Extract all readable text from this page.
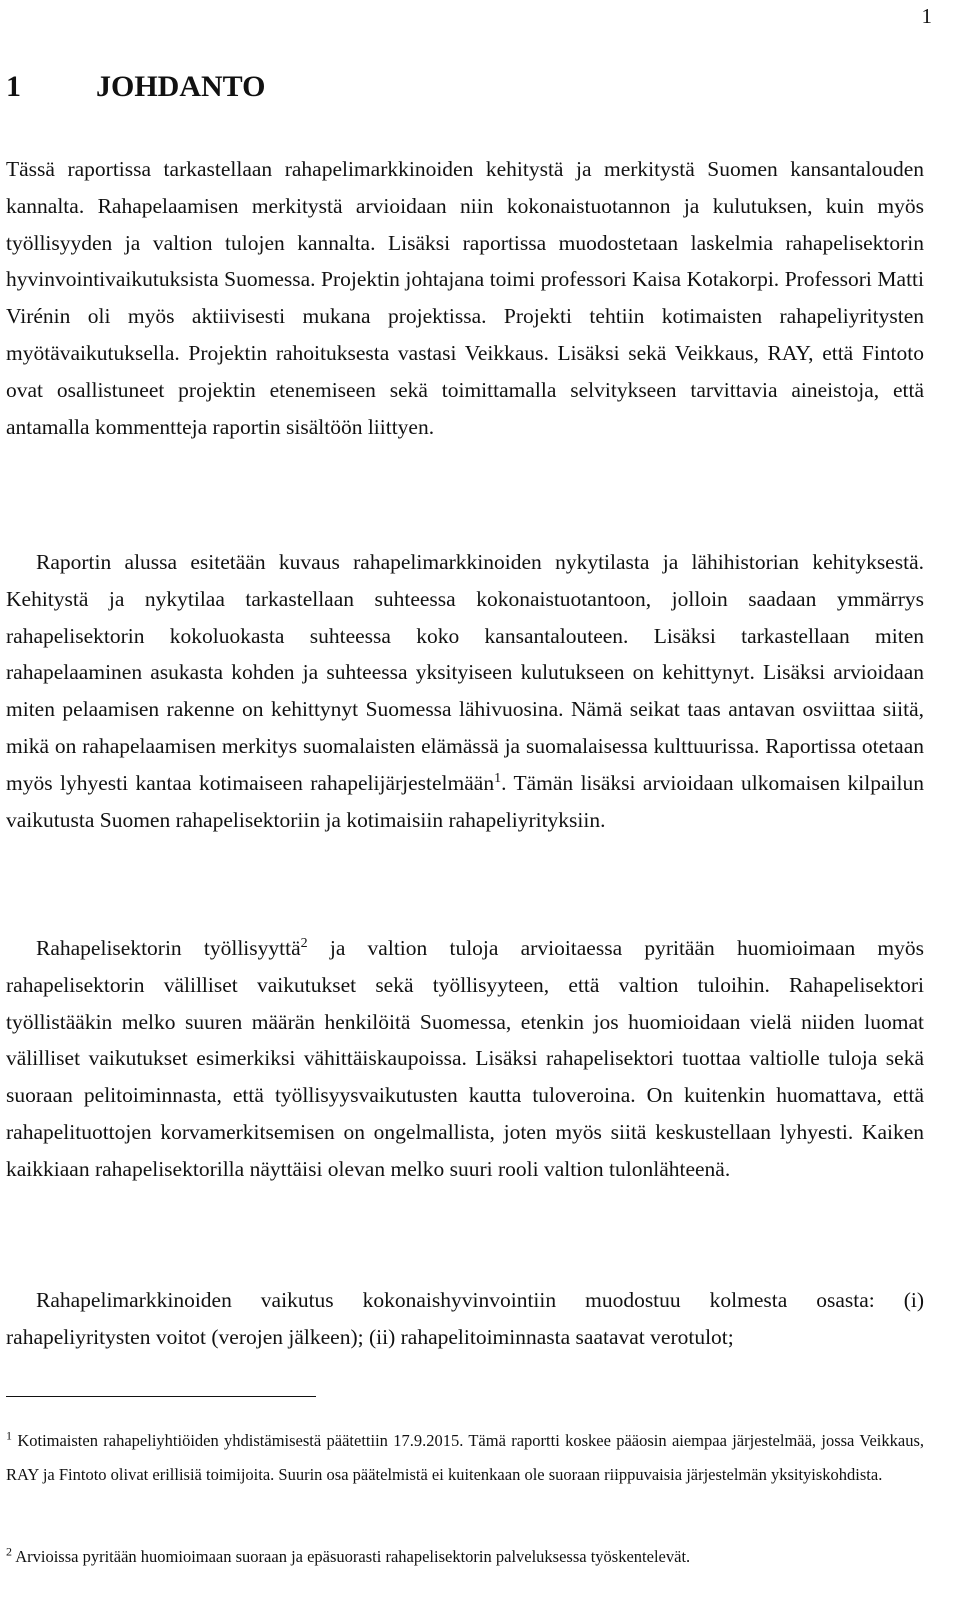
1
1	JOHDANTO

Tässä raportissa tarkastellaan rahapelimarkkinoiden kehitystä ja merkitystä Suomen kansantalouden kannalta. Rahapelaamisen merkitystä arvioidaan niin kokonaistuotannon ja kulutuksen, kuin myös työllisyyden ja valtion tulojen kannalta. Lisäksi raportissa muodostetaan laskelmia rahapelisektorin hyvinvointivaikutuksista Suomessa. Projektin johtajana toimi professori Kaisa Kotakorpi. Professori Matti Virénin oli myös aktiivisesti mukana projektissa. Projekti tehtiin kotimaisten rahapeliyritysten myötävaikutuksella. Projektin rahoituksesta vastasi Veikkaus. Lisäksi sekä Veikkaus, RAY, että Fintoto ovat osallistuneet projektin etenemiseen sekä toimittamalla selvitykseen tarvittavia aineistoja, että antamalla kommentteja raportin sisältöön liittyen.

Raportin alussa esitetään kuvaus rahapelimarkkinoiden nykytilasta ja lähihistorian kehityksestä. Kehitystä ja nykytilaa tarkastellaan suhteessa kokonaistuotantoon, jolloin saadaan ymmärrys rahapelisektorin kokoluokasta suhteessa koko kansantalouteen. Lisäksi tarkastellaan miten rahapelaaminen asukasta kohden ja suhteessa yksityiseen kulutukseen on kehittynyt. Lisäksi arvioidaan miten pelaamisen rakenne on kehittynyt Suomessa lähivuosina. Nämä seikat taas antavan osviittaa siitä, mikä on rahapelaamisen merkitys suomalaisten elämässä ja suomalaisessa kulttuurissa. Raportissa otetaan myös lyhyesti kantaa kotimaiseen rahapelijärjestelmään$^1$. Tämän lisäksi arvioidaan ulkomaisen kilpailun vaikutusta Suomen rahapelisektoriin ja kotimaisiin rahapeliyrityksiin.

Rahapelisektorin työllisyyttä$^2$ ja valtion tuloja arvioitaessa pyritään huomioimaan myös rahapelisektorin välilliset vaikutukset sekä työllisyyteen, että valtion tuloihin. Rahapelisektori työllistääkin melko suuren määrän henkilöitä Suomessa, etenkin jos huomioidaan vielä niiden luomat välilliset vaikutukset esimerkiksi vähittäiskaupoissa. Lisäksi rahapelisektori tuottaa valtiolle tuloja sekä suoraan pelitoiminnasta, että työllisyysvaikutusten kautta tuloveroina. On kuitenkin huomattava, että rahapelituottojen korvamerkitsemisen on ongelmallista, joten myös siitä keskustellaan lyhyesti. Kaiken kaikkiaan rahapelisektorilla näyttäisi olevan melko suuri rooli valtion tulonlähteenä.

Rahapelimarkkinoiden vaikutus kokonaishyvinvointiin muodostuu kolmesta osasta: (i) rahapeliyritysten voitot (verojen jälkeen); (ii) rahapelitoiminnasta saatavat verotulot;

$^1$ Kotimaisten rahapeliyhtiöiden yhdistämisestä päätettiin 17.9.2015. Tämä raportti koskee pääosin aiempaa järjestelmää, jossa Veikkaus, RAY ja Fintoto olivat erillisiä toimijoita. Suurin osa päätelmistä ei kuitenkaan ole suoraan riippuvaisia järjestelmän yksityiskohdista.

$^2$ Arvioissa pyritään huomioimaan suoraan ja epäsuorasti rahapelisektorin palveluksessa työskentelevät.
